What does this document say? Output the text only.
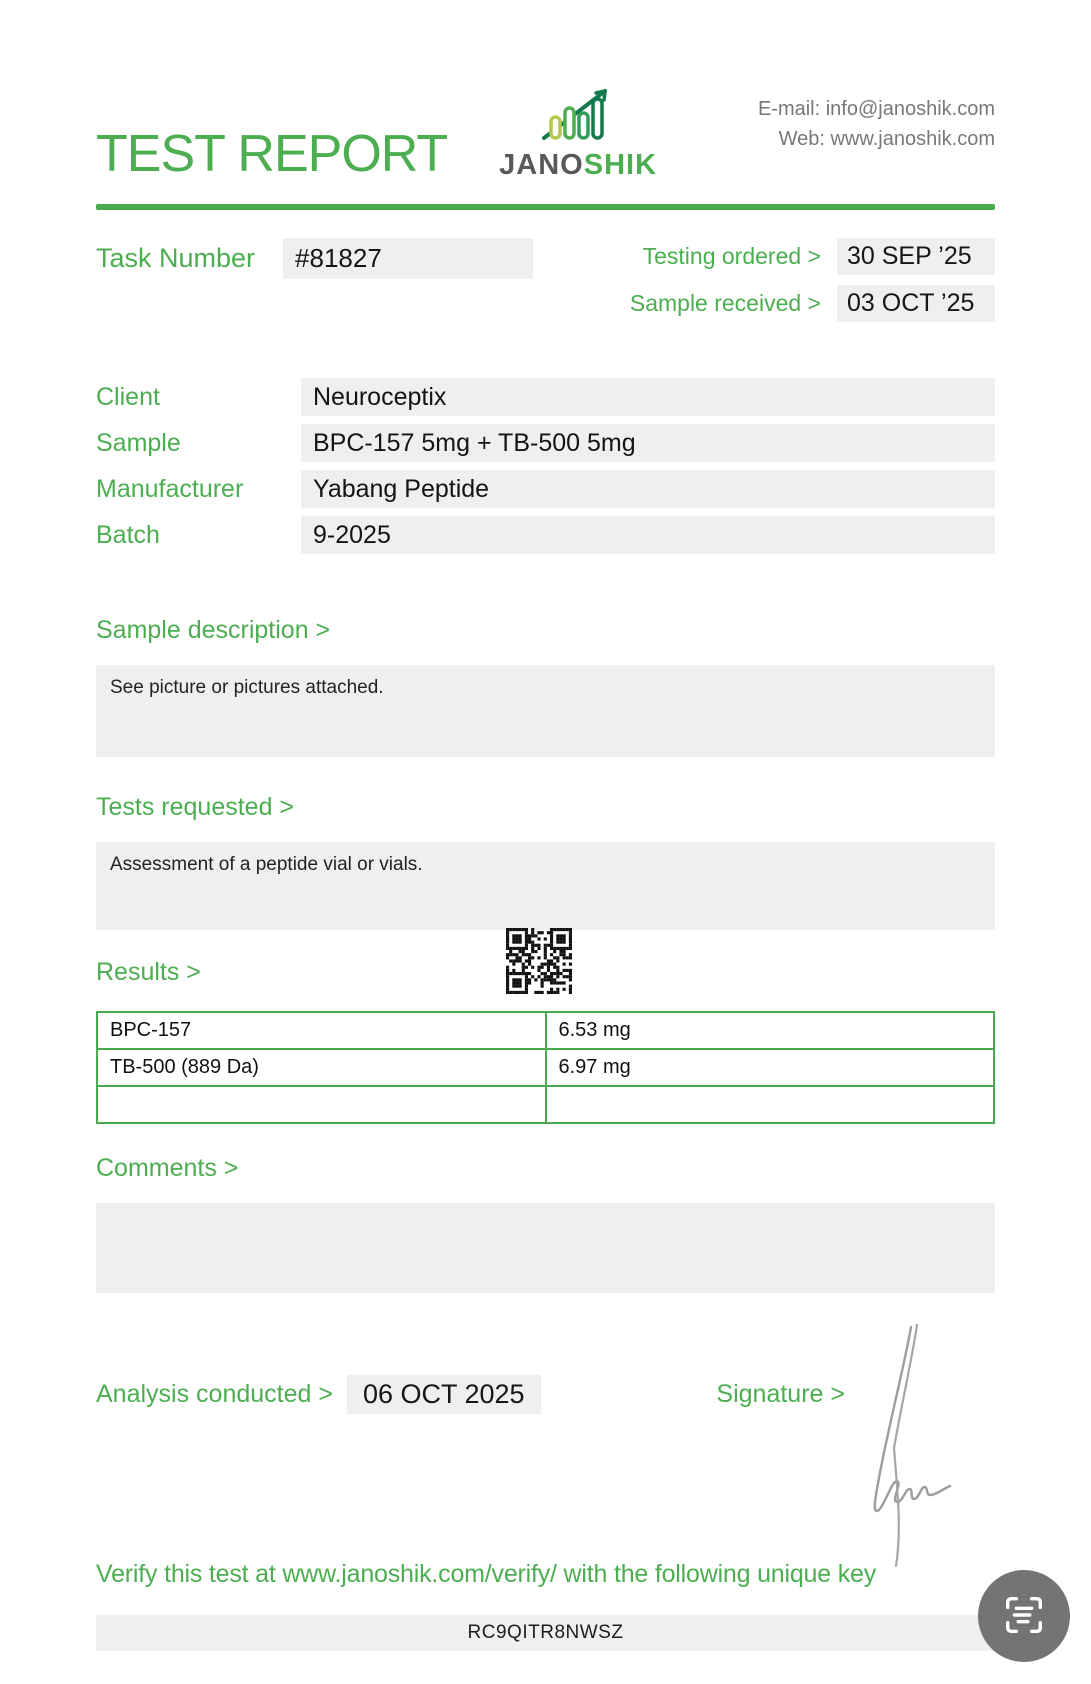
TEST REPORT JANOSHIK
E-mail: info@janoshik.com
Web: www.janoshik.com
Task Number	#81827	Testing ordered >	30 SEP ’25
Sample received >	03 OCT ’25
Client	Neuroceptix
Sample	BPC-157 5mg + TB-500 5mg
Manufacturer	Yabang Peptide
Batch	9-2025
Sample description >
See picture or pictures attached.
Tests requested >
Assessment of a peptide vial or vials.
Results >
BPC-157	6.53 mg
TB-500 (889 Da)	6.97 mg

Comments >
Analysis conducted >	06 OCT 2025	Signature >
Verify this test at www.janoshik.com/verify/ with the following unique key
RC9QITR8NWSZ
